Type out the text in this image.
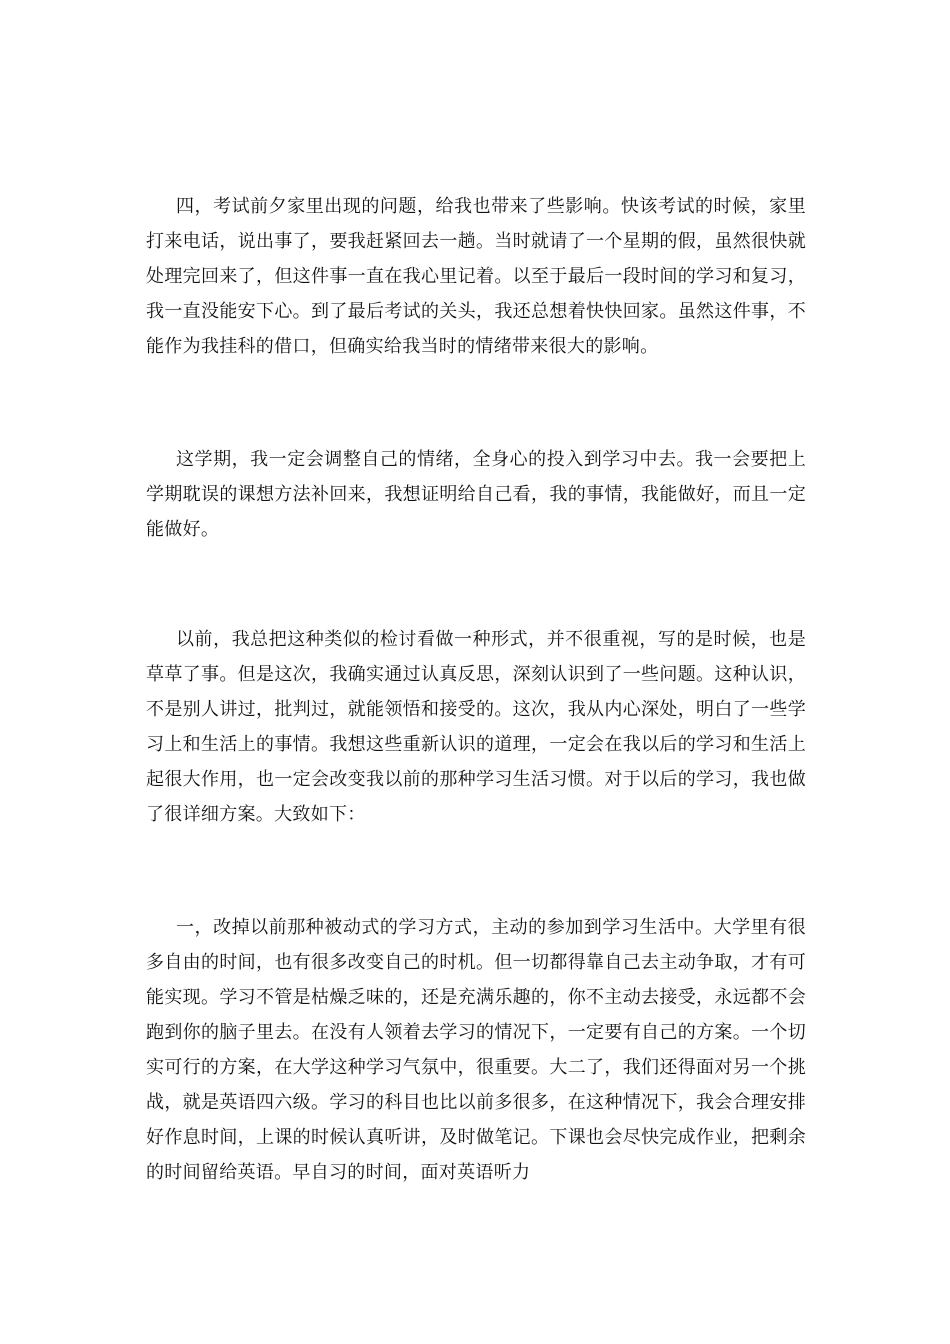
四，考试前夕家里出现的问题，给我也带来了些影响。快该考试的时候，家里打来电话，说出事了，要我赶紧回去一趟。当时就请了一个星期的假，虽然很快就处理完回来了，但这件事一直在我心里记着。以至于最后一段时间的学习和复习，我一直没能安下心。到了最后考试的关头，我还总想着快快回家。虽然这件事，不能作为我挂科的借口，但确实给我当时的情绪带来很大的影响。

这学期，我一定会调整自己的情绪，全身心的投入到学习中去。我一会要把上学期耽误的课想方法补回来，我想证明给自己看，我的事情，我能做好，而且一定能做好。

以前，我总把这种类似的检讨看做一种形式，并不很重视，写的是时候，也是草草了事。但是这次，我确实通过认真反思，深刻认识到了一些问题。这种认识，不是别人讲过，批判过，就能领悟和接受的。这次，我从内心深处，明白了一些学习上和生活上的事情。我想这些重新认识的道理，一定会在我以后的学习和生活上起很大作用，也一定会改变我以前的那种学习生活习惯。对于以后的学习，我也做了很详细方案。大致如下：

一，改掉以前那种被动式的学习方式，主动的参加到学习生活中。大学里有很多自由的时间，也有很多改变自己的时机。但一切都得靠自己去主动争取，才有可能实现。学习不管是枯燥乏味的，还是充满乐趣的，你不主动去接受，永远都不会跑到你的脑子里去。在没有人领着去学习的情况下，一定要有自己的方案。一个切实可行的方案，在大学这种学习气氛中，很重要。大二了，我们还得面对另一个挑战，就是英语四六级。学习的科目也比以前多很多，在这种情况下，我会合理安排好作息时间，上课的时候认真听讲，及时做笔记。下课也会尽快完成作业，把剩余的时间留给英语。早自习的时间，面对英语听力
